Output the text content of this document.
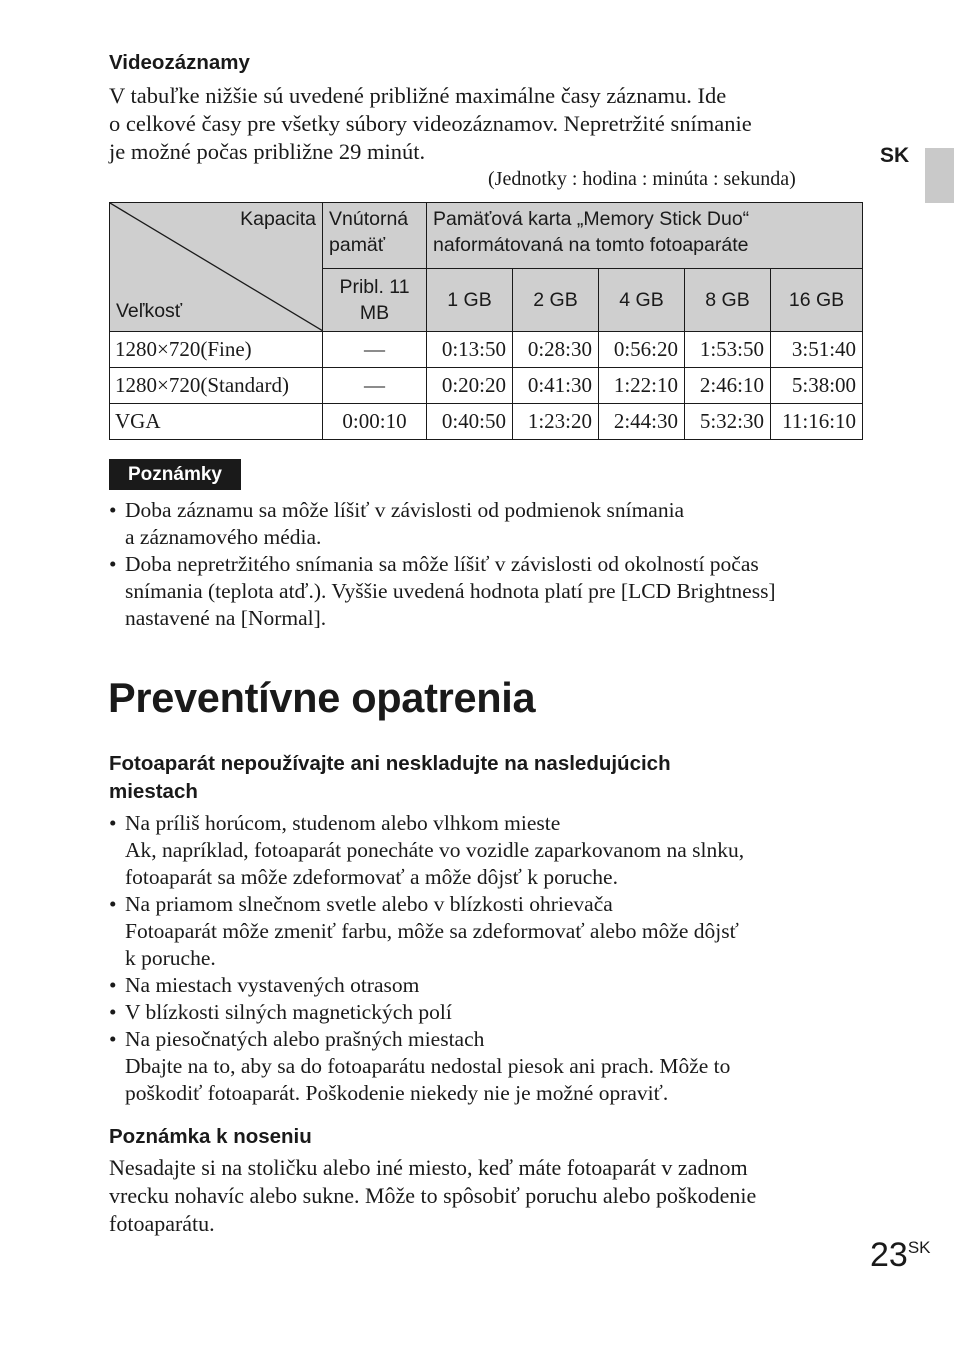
SK
Videozáznamy
V tabuľke nižšie sú uvedené približné maximálne časy záznamu. Ide
o celkové časy pre všetky súbory videozáznamov. Nepretržité snímanie
je možné počas približne 29 minút.
(Jednotky : hodina : minúta : sekunda)
Kapacita
Veľkosť	Vnútorná pamäť	Pamäťová karta „Memory Stick Duo“ naformátovaná na tomto fotoaparáte				
	Pribl. 11 MB	1 GB	2 GB	4 GB	8 GB	16 GB
1280×720(Fine)	—	0:13:50	0:28:30	0:56:20	1:53:50	3:51:40
1280×720(Standard)	—	0:20:20	0:41:30	1:22:10	2:46:10	5:38:00
VGA	0:00:10	0:40:50	1:23:20	2:44:30	5:32:30	11:16:10
Poznámky
• Doba záznamu sa môže líšiť v závislosti od podmienok snímania
a záznamového média.
• Doba nepretržitého snímania sa môže líšiť v závislosti od okolností počas
snímania (teplota atď.). Vyššie uvedená hodnota platí pre [LCD Brightness]
nastavené na [Normal].
Preventívne opatrenia
Fotoaparát nepoužívajte ani neskladujte na nasledujúcich
miestach
• Na príliš horúcom, studenom alebo vlhkom mieste
Ak, napríklad, fotoaparát ponecháte vo vozidle zaparkovanom na slnku,
fotoaparát sa môže zdeformovať a môže dôjsť k poruche.
• Na priamom slnečnom svetle alebo v blízkosti ohrievača
Fotoaparát môže zmeniť farbu, môže sa zdeformovať alebo môže dôjsť
k poruche.
• Na miestach vystavených otrasom
• V blízkosti silných magnetických polí
• Na piesočnatých alebo prašných miestach
Dbajte na to, aby sa do fotoaparátu nedostal piesok ani prach. Môže to
poškodiť fotoaparát. Poškodenie niekedy nie je možné opraviť.
Poznámka k noseniu
Nesadajte si na stoličku alebo iné miesto, keď máte fotoaparát v zadnom
vrecku nohavíc alebo sukne. Môže to spôsobiť poruchu alebo poškodenie
fotoaparátu.
$23^{SK}$
